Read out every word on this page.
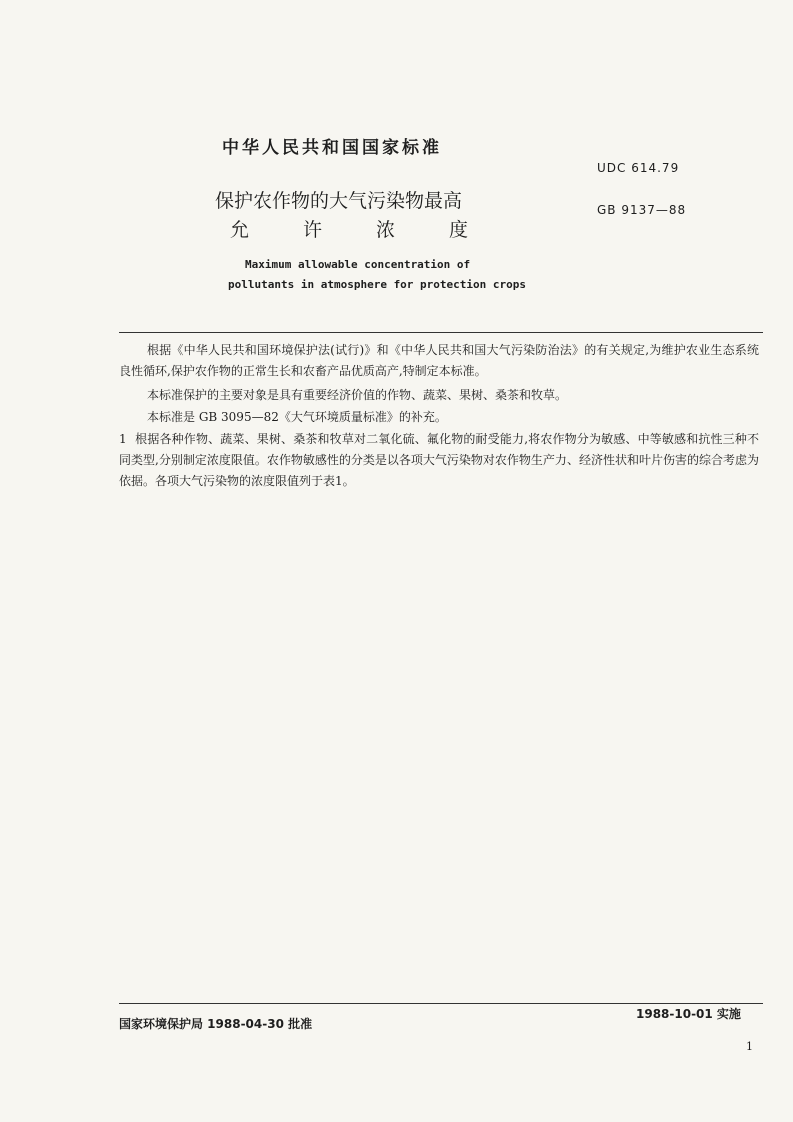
中华人民共和国国家标准
UDC 614.79
GB 9137—88
保护农作物的大气污染物最高
允	许	浓	度
Maximum allowable concentration of
pollutants in atmosphere for protection crops
根据《中华人民共和国环境保护法(试行)》和《中华人民共和国大气污染防治法》的有关规定,为维护农业生态系统良性循环,保护农作物的正常生长和农畜产品优质高产,特制定本标准。
本标准保护的主要对象是具有重要经济价值的作物、蔬菜、果树、桑茶和牧草。
本标准是 GB 3095—82《大气环境质量标准》的补充。
1 根据各种作物、蔬菜、果树、桑茶和牧草对二氧化硫、氟化物的耐受能力,将农作物分为敏感、中等敏感和抗性三种不同类型,分别制定浓度限值。农作物敏感性的分类是以各项大气污染物对农作物生产力、经济性状和叶片伤害的综合考虑为依据。各项大气污染物的浓度限值列于表1。
国家环境保护局 1988-04-30 批准
1988-10-01 实施
1
